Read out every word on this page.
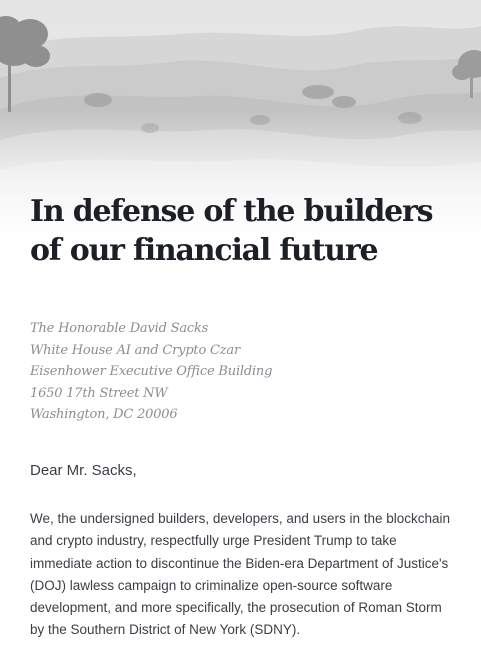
In defense of the builders
of our financial future
The Honorable David Sacks
White House AI and Crypto Czar
Eisenhower Executive Office Building
1650 17th Street NW
Washington, DC 20006
Dear Mr. Sacks,
We, the undersigned builders, developers, and users in the blockchain
and crypto industry, respectfully urge President Trump to take
immediate action to discontinue the Biden-era Department of Justice's
(DOJ) lawless campaign to criminalize open-source software
development, and more specifically, the prosecution of Roman Storm
by the Southern District of New York (SDNY).
